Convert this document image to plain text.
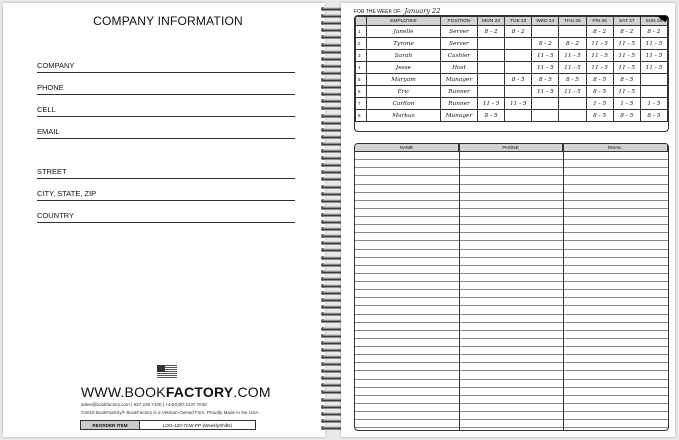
COMPANY INFORMATION
COMPANY
PHONE
CELL
EMAIL
STREET
CITY, STATE, ZIP
COUNTRY
WWW.BOOKFACTORY.COM
sales@bookfactory.com | 937.226.7100 | +44(0)20.3137.7038
©2018 BookFactory® BookFactory is a Veteran-Owned Firm. Proudly Made in the USA.
REORDER ITEM	LOG-120-7CW-PP-(WeeklyShifts)
FOR THE WEEK OF: January 22
	EMPLOYEE	POSITION	MON 22	TUE 23	WED 24	THU 25	FRI 26	SAT 27	SUN 28
1	Janelle	Server	8 - 2	8 - 2			8 - 2	8 - 2	8 - 2
2	Tyrone	Server			8 - 2	8 - 2	11 - 5	11 - 5	11 - 5
3	Sarah	Cashier			11 - 5	11 - 5	11 - 5	11 - 5	11 - 5
4	Jesse	Host			11 - 5	11 - 5	11 - 5	11 - 5	11 - 5
5	Maryam	Manager		8 - 5	8 - 5	8 - 5	8 - 5	8 - 5	
6	Eric	Runner			11 - 5	11 - 5	8 - 5	11 - 5	
7	Carlton	Runner	11 - 5	11 - 5			1 - 5	1 - 5	1 - 5
8	Markus	Manager	8 - 5				8 - 5	8 - 5	8 - 5
NAME	PHONE	EMAIL
